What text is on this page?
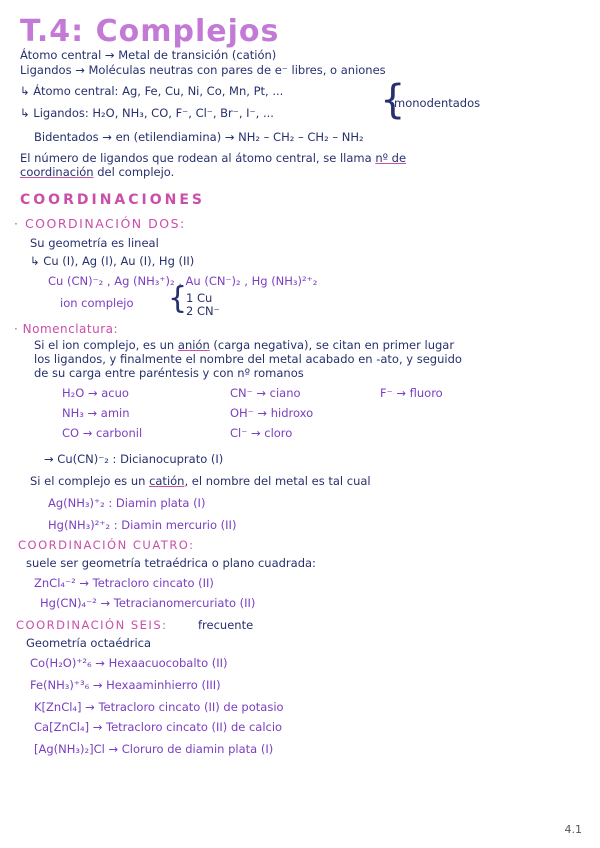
T.4: Complejos
Átomo central → Metal de transición (catión)
Ligandos → Moléculas neutras con pares de e⁻ libres, o aniones
↳ Átomo central: Ag, Fe, Cu, Ni, Co, Mn, Pt, ...
↳ Ligandos: H₂O, NH₃, CO, F⁻, Cl⁻, Br⁻, I⁻, ...	{
monodentados
Bidentados → en (etilendiamina) → NH₂ – CH₂ – CH₂ – NH₂
El número de ligandos que rodean al átomo central, se llama nº de
coordinación del complejo.
COORDINACIONES
· COORDINACIÓN DOS:
Su geometría es lineal
↳ Cu (I), Ag (I), Au (I), Hg (II)
Cu (CN)⁻₂ , Ag (NH₃⁺)₂ , Au (CN⁻)₂ , Hg (NH₃)²⁺₂
ion complejo {
1 Cu
2 CN⁻
· Nomenclatura:
Si el ion complejo, es un anión (carga negativa), se citan en primer lugar
los ligandos, y finalmente el nombre del metal acabado en -ato, y seguido
de su carga entre paréntesis y con nº romanos
H₂O → acuo	CN⁻ → ciano	F⁻ → fluoro
NH₃ → amin	OH⁻ → hidroxo
CO → carbonil	Cl⁻ → cloro
→ Cu(CN)⁻₂ : Dicianocuprato (I)
Si el complejo es un catión, el nombre del metal es tal cual
Ag(NH₃)⁺₂ : Diamin plata (I)
Hg(NH₃)²⁺₂ : Diamin mercurio (II)
COORDINACIÓN CUATRO:
suele ser geometría tetraédrica o plano cuadrada:
ZnCl₄⁻² → Tetracloro cincato (II)
Hg(CN)₄⁻² → Tetracianomercuriato (II)
COORDINACIÓN SEIS:	frecuente
Geometría octaédrica
Co(H₂O)⁺²₆ → Hexaacuocobalto (II)
Fe(NH₃)⁺³₆ → Hexaaminhierro (III)
K[ZnCl₄] → Tetracloro cincato (II) de potasio
Ca[ZnCl₄] → Tetracloro cincato (II) de calcio
[Ag(NH₃)₂]Cl → Cloruro de diamin plata (I)
4.1
